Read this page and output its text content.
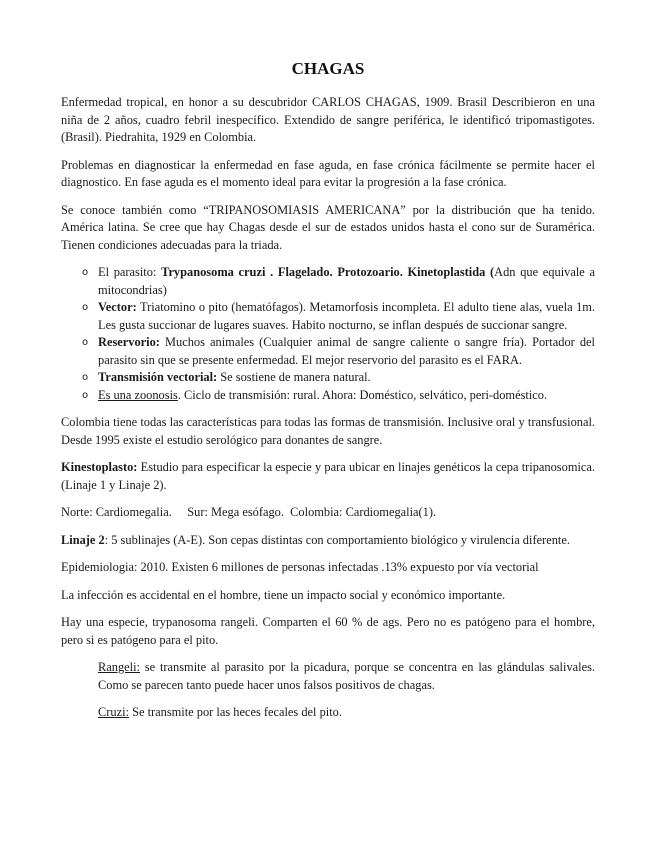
CHAGAS

Enfermedad tropical, en honor a su descubridor CARLOS CHAGAS, 1909. Brasil Describieron en una niña de 2 años, cuadro febril inespecífico. Extendido de sangre periférica, le identificó tripomastigotes. (Brasil). Piedrahita, 1929 en Colombia.

Problemas en diagnosticar la enfermedad en fase aguda, en fase crónica fácilmente se permite hacer el diagnostico. En fase aguda es el momento ideal para evitar la progresión a la fase crónica.

Se conoce también como “TRIPANOSOMIASIS AMERICANA” por la distribución que ha tenido. América latina. Se cree que hay Chagas desde el sur de estados unidos hasta el cono sur de Suramérica. Tienen condiciones adecuadas para la triada.

o El parasito: Trypanosoma cruzi . Flagelado. Protozoario. Kinetoplastida (Adn que equivale a mitocondrias)
o Vector: Triatomino o pito (hematófagos). Metamorfosis incompleta. El adulto tiene alas, vuela 1m. Les gusta succionar de lugares suaves. Habito nocturno, se inflan después de succionar sangre.
o Reservorio: Muchos animales (Cualquier animal de sangre caliente o sangre fría). Portador del parasito sin que se presente enfermedad. El mejor reservorio del parasito es el FARA.
o Transmisión vectorial: Se sostiene de manera natural.
o Es una zoonosis. Ciclo de transmisión: rural. Ahora: Doméstico, selvático, peri-doméstico.

Colombia tiene todas las características para todas las formas de transmisión. Inclusive oral y transfusional. Desde 1995 existe el estudio serológico para donantes de sangre.

Kinestoplasto: Estudio para especificar la especie y para ubicar en linajes genéticos la cepa tripanosomica. (Linaje 1 y Linaje 2).

Norte: Cardiomegalia.     Sur: Mega esófago.  Colombia: Cardiomegalia(1).

Linaje 2: 5 sublinajes (A-E). Son cepas distintas con comportamiento biológico y virulencia diferente.

Epidemiologia: 2010. Existen 6 millones de personas infectadas .13% expuesto por vía vectorial

La infección es accidental en el hombre, tiene un impacto social y económico importante.

Hay una especie, trypanosoma rangeli. Comparten el 60 % de ags. Pero no es patógeno para el hombre, pero si es patógeno para el pito.

Rangeli: se transmite al parasito por la picadura, porque se concentra en las glándulas salivales. Como se parecen tanto puede hacer unos falsos positivos de chagas.

Cruzi: Se transmite por las heces fecales del pito.
